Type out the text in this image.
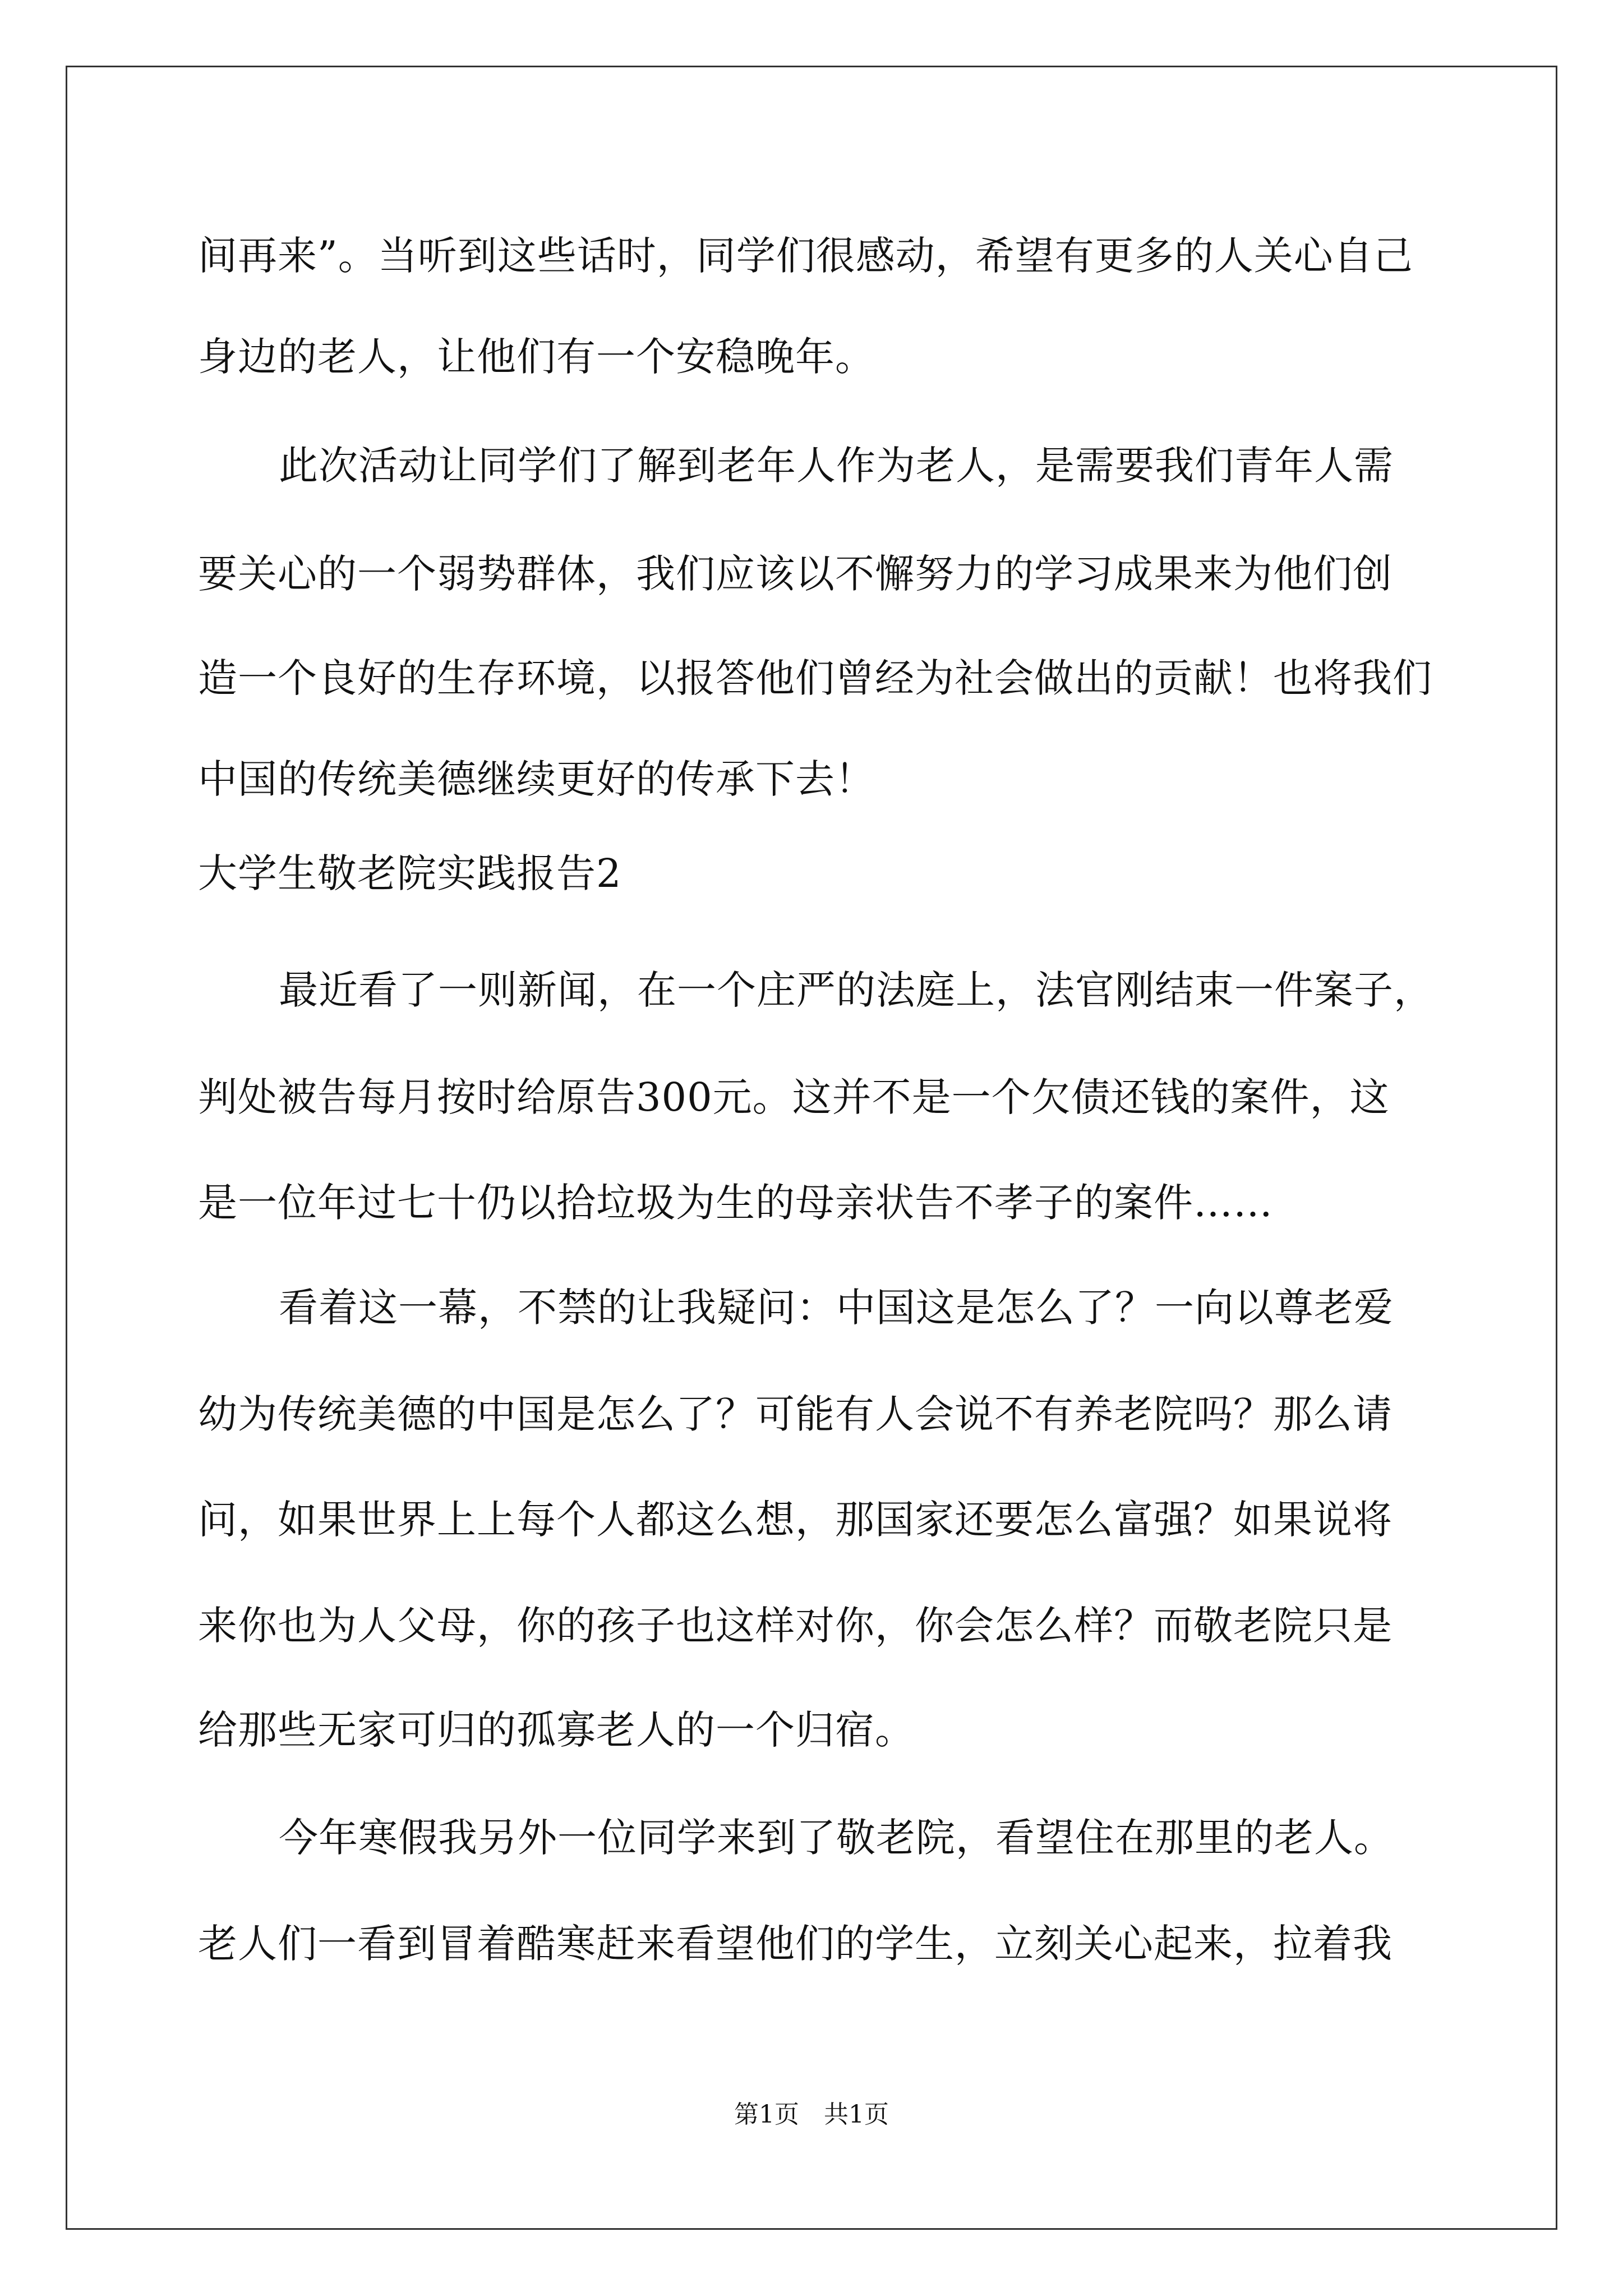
间再来”。当听到这些话时，同学们很感动，希望有更多的人关心自己
身边的老人，让他们有一个安稳晚年。
此次活动让同学们了解到老年人作为老人，是需要我们青年人需
要关心的一个弱势群体，我们应该以不懈努力的学习成果来为他们创
造一个良好的生存环境，以报答他们曾经为社会做出的贡献！也将我们
中国的传统美德继续更好的传承下去！
大学生敬老院实践报告2
最近看了一则新闻，在一个庄严的法庭上，法官刚结束一件案子，
判处被告每月按时给原告300元。这并不是一个欠债还钱的案件，这
是一位年过七十仍以拾垃圾为生的母亲状告不孝子的案件……
看着这一幕，不禁的让我疑问：中国这是怎么了？一向以尊老爱
幼为传统美德的中国是怎么了？可能有人会说不有养老院吗？那么请
问，如果世界上上每个人都这么想，那国家还要怎么富强？如果说将
来你也为人父母，你的孩子也这样对你，你会怎么样？而敬老院只是
给那些无家可归的孤寡老人的一个归宿。
今年寒假我另外一位同学来到了敬老院，看望住在那里的老人。
老人们一看到冒着酷寒赶来看望他们的学生，立刻关心起来，拉着我
第1页　共1页
